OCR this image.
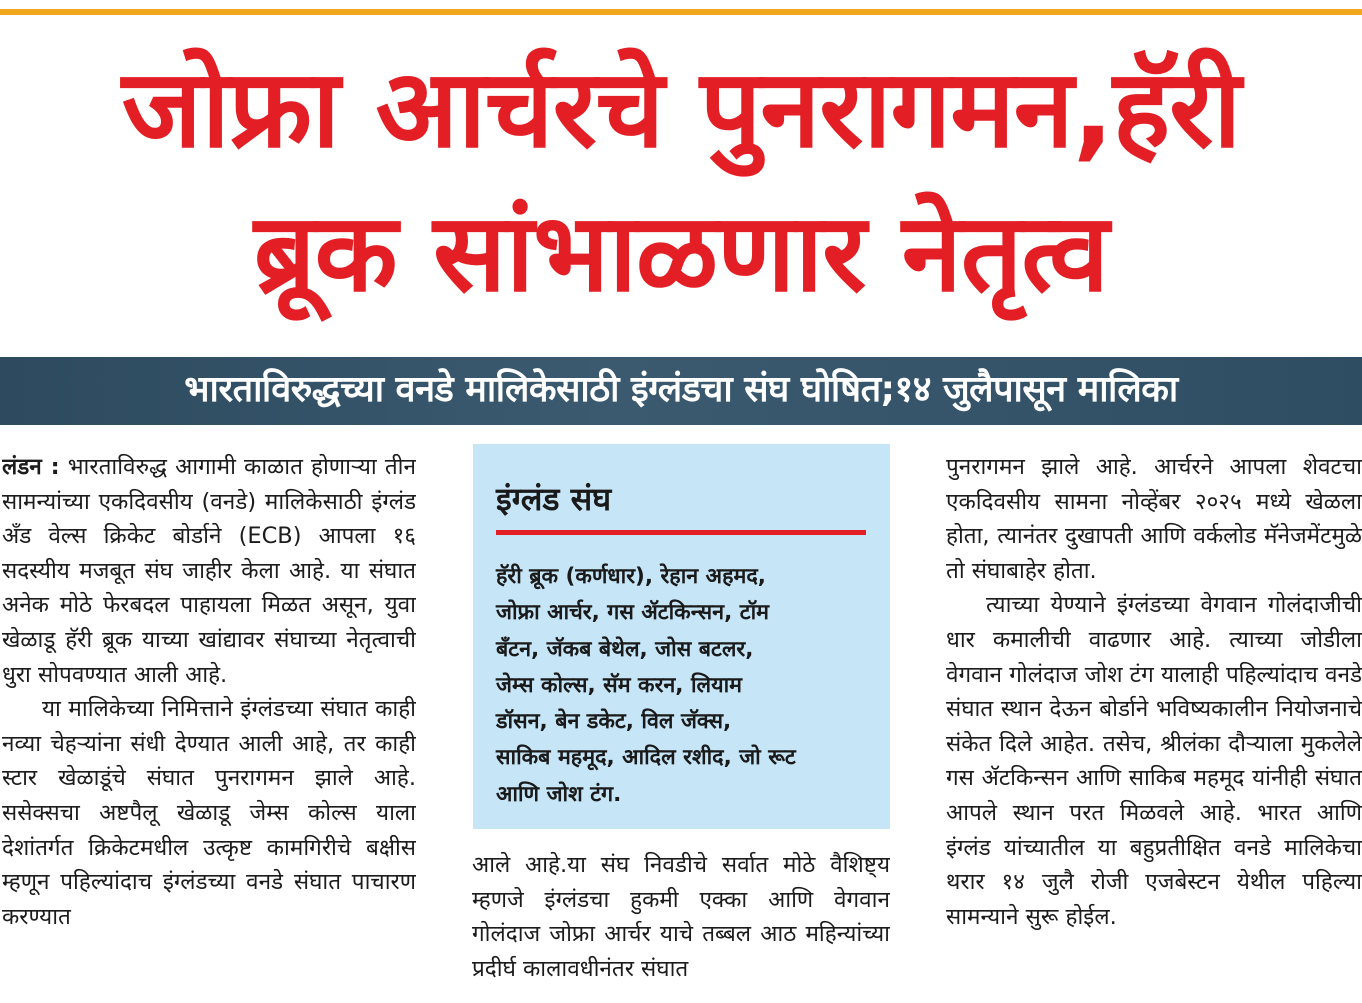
जोफ्रा आर्चरचे पुनरागमन,हॅरी
ब्रूक सांभाळणार नेतृत्व
भारताविरुद्धच्या वनडे मालिकेसाठी इंग्लंडचा संघ घोषित;१४ जुलैपासून मालिका

लंडन : भारताविरुद्ध आगामी काळात होणाऱ्या तीन सामन्यांच्या एकदिवसीय (वनडे) मालिकेसाठी इंग्लंड अँड वेल्स क्रिकेट बोर्डाने (ECB) आपला १६ सदस्यीय मजबूत संघ जाहीर केला आहे. या संघात अनेक मोठे फेरबदल पाहायला मिळत असून, युवा खेळाडू हॅरी ब्रूक याच्या खांद्यावर संघाच्या नेतृत्वाची धुरा सोपवण्यात आली आहे.

या मालिकेच्या निमित्ताने इंग्लंडच्या संघात काही नव्या चेहऱ्यांना संधी देण्यात आली आहे, तर काही स्टार खेळाडूंचे संघात पुनरागमन झाले आहे. ससेक्सचा अष्टपैलू खेळाडू जेम्स कोल्स याला देशांतर्गत क्रिकेटमधील उत्कृष्ट कामगिरीचे बक्षीस म्हणून पहिल्यांदाच इंग्लंडच्या वनडे संघात पाचारण करण्यात

इंग्लंड संघ
हॅरी ब्रूक (कर्णधार), रेहान अहमद,
जोफ्रा आर्चर, गस ॲटकिन्सन, टॉम
बँटन, जॅकब बेथेल, जोस बटलर,
जेम्स कोल्स, सॅम करन, लियाम
डॉसन, बेन डकेट, विल जॅक्स,
साकिब महमूद, आदिल रशीद, जो रूट
आणि जोश टंग.

आले आहे.या संघ निवडीचे सर्वात मोठे वैशिष्ट्य म्हणजे इंग्लंडचा हुकमी एक्का आणि वेगवान गोलंदाज जोफ्रा आर्चर याचे तब्बल आठ महिन्यांच्या प्रदीर्घ कालावधीनंतर संघात

पुनरागमन झाले आहे. आर्चरने आपला शेवटचा एकदिवसीय सामना नोव्हेंबर २०२५ मध्ये खेळला होता, त्यानंतर दुखापती आणि वर्कलोड मॅनेजमेंटमुळे तो संघाबाहेर होता.

त्याच्या येण्याने इंग्लंडच्या वेगवान गोलंदाजीची धार कमालीची वाढणार आहे. त्याच्या जोडीला वेगवान गोलंदाज जोश टंग यालाही पहिल्यांदाच वनडे संघात स्थान देऊन बोर्डाने भविष्यकालीन नियोजनाचे संकेत दिले आहेत. तसेच, श्रीलंका दौऱ्याला मुकलेले गस ॲटकिन्सन आणि साकिब महमूद यांनीही संघात आपले स्थान परत मिळवले आहे. भारत आणि इंग्लंड यांच्यातील या बहुप्रतीक्षित वनडे मालिकेचा थरार १४ जुलै रोजी एजबेस्टन येथील पहिल्या सामन्याने सुरू होईल.
